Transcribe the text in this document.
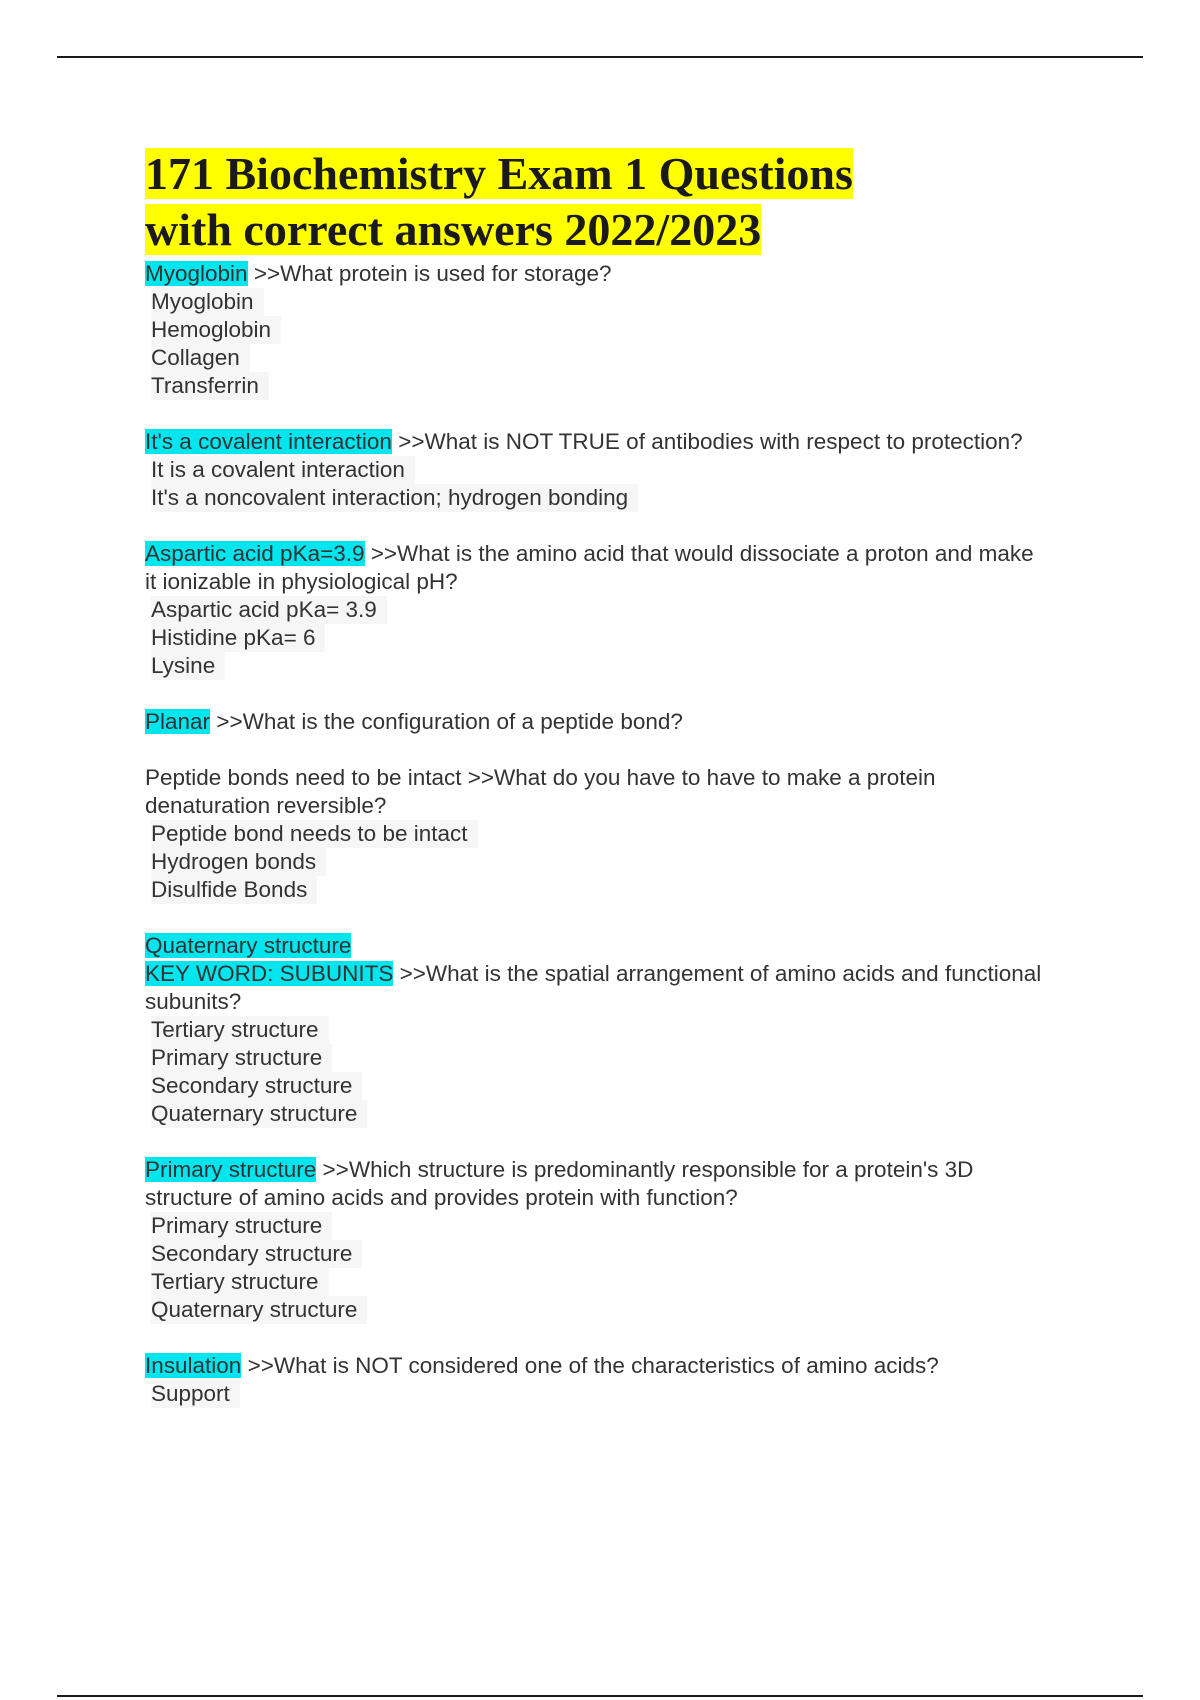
171 Biochemistry Exam 1 Questions
with correct answers 2022/2023
Myoglobin >>What protein is used for storage?
Myoglobin
Hemoglobin
Collagen
Transferrin
It's a covalent interaction >>What is NOT TRUE of antibodies with respect to protection?
It is a covalent interaction
It's a noncovalent interaction; hydrogen bonding
Aspartic acid pKa=3.9 >>What is the amino acid that would dissociate a proton and make it ionizable in physiological pH?
Aspartic acid pKa= 3.9
Histidine pKa= 6
Lysine
Planar >>What is the configuration of a peptide bond?
Peptide bonds need to be intact >>What do you have to have to make a protein denaturation reversible?
Peptide bond needs to be intact
Hydrogen bonds
Disulfide Bonds
Quaternary structure
KEY WORD: SUBUNITS >>What is the spatial arrangement of amino acids and functional subunits?
Tertiary structure
Primary structure
Secondary structure
Quaternary structure
Primary structure >>Which structure is predominantly responsible for a protein's 3D structure of amino acids and provides protein with function?
Primary structure
Secondary structure
Tertiary structure
Quaternary structure
Insulation >>What is NOT considered one of the characteristics of amino acids?
Support
